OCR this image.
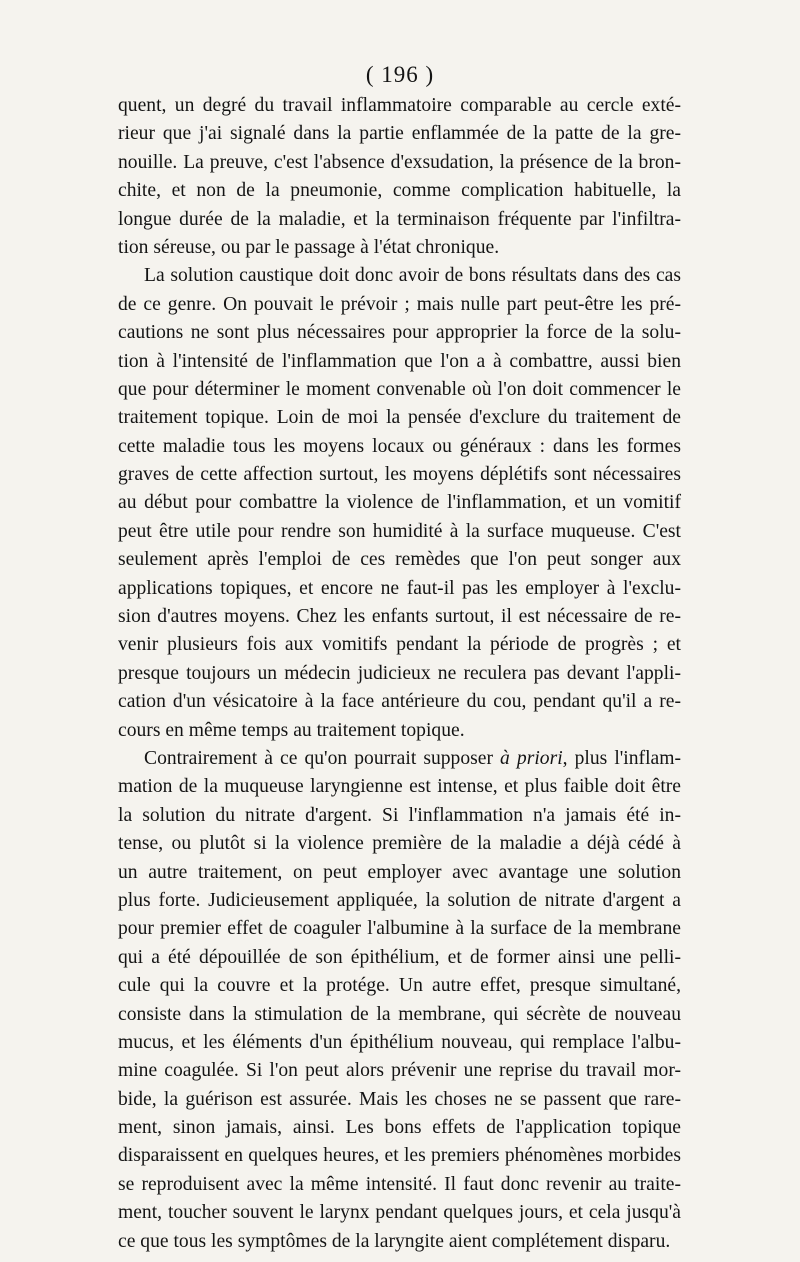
( 196 )
quent, un degré du travail inflammatoire comparable au cercle exté-
rieur que j'ai signalé dans la partie enflammée de la patte de la gre-
nouille. La preuve, c'est l'absence d'exsudation, la présence de la bron-
chite, et non de la pneumonie, comme complication habituelle, la
longue durée de la maladie, et la terminaison fréquente par l'infiltra-
tion séreuse, ou par le passage à l'état chronique.
La solution caustique doit donc avoir de bons résultats dans des cas
de ce genre. On pouvait le prévoir ; mais nulle part peut-être les pré-
cautions ne sont plus nécessaires pour approprier la force de la solu-
tion à l'intensité de l'inflammation que l'on a à combattre, aussi bien
que pour déterminer le moment convenable où l'on doit commencer le
traitement topique. Loin de moi la pensée d'exclure du traitement de
cette maladie tous les moyens locaux ou généraux : dans les formes
graves de cette affection surtout, les moyens déplétifs sont nécessaires
au début pour combattre la violence de l'inflammation, et un vomitif
peut être utile pour rendre son humidité à la surface muqueuse. C'est
seulement après l'emploi de ces remèdes que l'on peut songer aux
applications topiques, et encore ne faut-il pas les employer à l'exclu-
sion d'autres moyens. Chez les enfants surtout, il est nécessaire de re-
venir plusieurs fois aux vomitifs pendant la période de progrès ; et
presque toujours un médecin judicieux ne reculera pas devant l'appli-
cation d'un vésicatoire à la face antérieure du cou, pendant qu'il a re-
cours en même temps au traitement topique.
Contrairement à ce qu'on pourrait supposer à priori, plus l'inflam-
mation de la muqueuse laryngienne est intense, et plus faible doit être
la solution du nitrate d'argent. Si l'inflammation n'a jamais été in-
tense, ou plutôt si la violence première de la maladie a déjà cédé à
un autre traitement, on peut employer avec avantage une solution
plus forte. Judicieusement appliquée, la solution de nitrate d'argent a
pour premier effet de coaguler l'albumine à la surface de la membrane
qui a été dépouillée de son épithélium, et de former ainsi une pelli-
cule qui la couvre et la protége. Un autre effet, presque simultané,
consiste dans la stimulation de la membrane, qui sécrète de nouveau
mucus, et les éléments d'un épithélium nouveau, qui remplace l'albu-
mine coagulée. Si l'on peut alors prévenir une reprise du travail mor-
bide, la guérison est assurée. Mais les choses ne se passent que rare-
ment, sinon jamais, ainsi. Les bons effets de l'application topique
disparaissent en quelques heures, et les premiers phénomènes morbides
se reproduisent avec la même intensité. Il faut donc revenir au traite-
ment, toucher souvent le larynx pendant quelques jours, et cela jusqu'à
ce que tous les symptômes de la laryngite aient complétement disparu.
